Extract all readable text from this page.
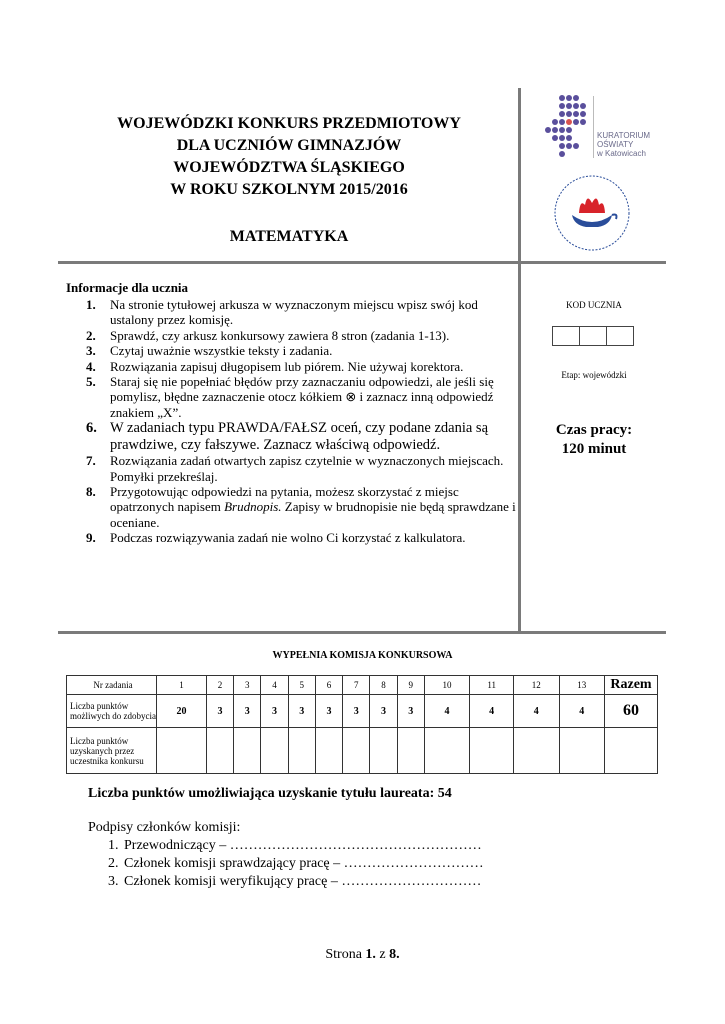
WOJEWÓDZKI KONKURS PRZEDMIOTOWY
DLA UCZNIÓW GIMNAZJÓW
WOJEWÓDZTWA ŚLĄSKIEGO
W ROKU SZKOLNYM 2015/2016
MATEMATYKA
KURATORIUM
OŚWIATY
w Katowicach
Informacje dla ucznia
1. Na stronie tytułowej arkusza w wyznaczonym miejscu wpisz swój kod ustalony przez komisję.
2. Sprawdź, czy arkusz konkursowy zawiera 8 stron (zadania 1-13).
3. Czytaj uważnie wszystkie teksty i zadania.
4. Rozwiązania zapisuj długopisem lub piórem. Nie używaj korektora.
5. Staraj się nie popełniać błędów przy zaznaczaniu odpowiedzi, ale jeśli się pomylisz, błędne zaznaczenie otocz kółkiem ⊗ i zaznacz inną odpowiedź znakiem „X”.
6. W zadaniach typu PRAWDA/FAŁSZ oceń, czy podane zdania są prawdziwe, czy fałszywe. Zaznacz właściwą odpowiedź.
7. Rozwiązania zadań otwartych zapisz czytelnie w wyznaczonych miejscach. Pomyłki przekreślaj.
8. Przygotowując odpowiedzi na pytania, możesz skorzystać z miejsc opatrzonych napisem Brudnopis. Zapisy w brudnopisie nie będą sprawdzane i oceniane.
9. Podczas rozwiązywania zadań nie wolno Ci korzystać z kalkulatora.
KOD UCZNIA
Etap: wojewódzki
Czas pracy:
120 minut
WYPEŁNIA KOMISJA KONKURSOWA
Nr zadania	1	2	3	4	5	6	7	8	9	10	11	12	13	Razem
Liczba punktów możliwych do zdobycia	20	3	3	3	3	3	3	3	3	4	4	4	4	60
Liczba punktów uzyskanych przez uczestnika konkursu														
Liczba punktów umożliwiająca uzyskanie tytułu laureata: 54
Podpisy członków komisji:
1. Przewodniczący – ………………………………………………
2. Członek komisji sprawdzający pracę – …………………………
3. Członek komisji weryfikujący pracę – …………………………
Strona 1. z 8.
